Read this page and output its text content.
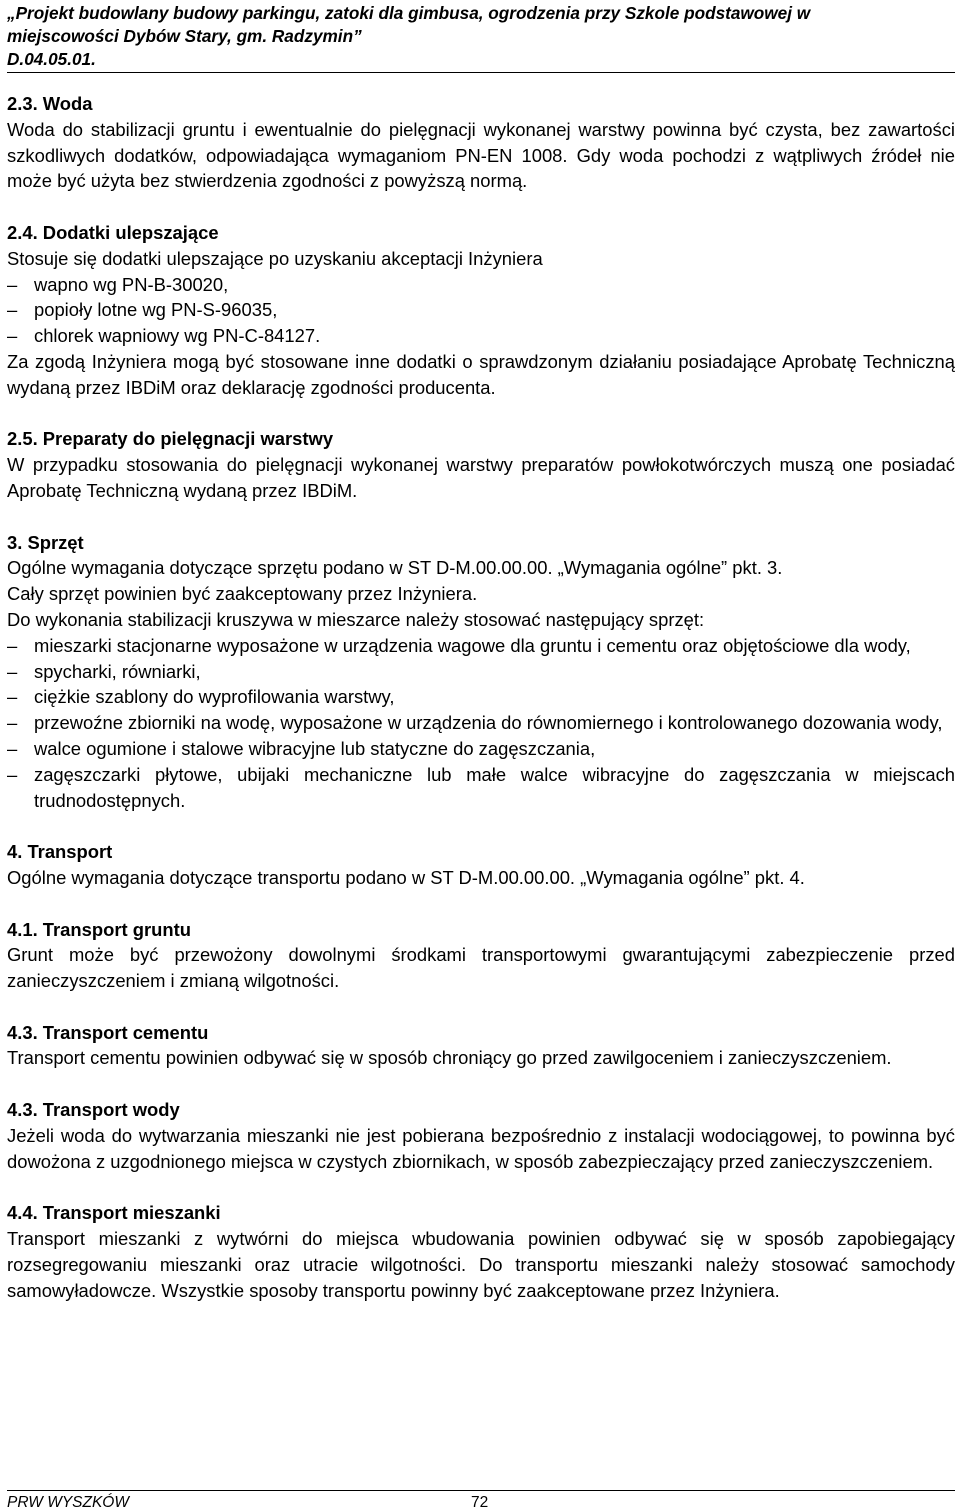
„Projekt budowlany budowy parkingu, zatoki dla gimbusa, ogrodzenia przy Szkole podstawowej w
miejscowości Dybów Stary, gm. Radzymin”
D.04.05.01.

2.3. Woda

Woda do stabilizacji gruntu i ewentualnie do pielęgnacji wykonanej warstwy powinna być czysta, bez zawartości szkodliwych dodatków, odpowiadająca wymaganiom PN-EN 1008. Gdy woda pochodzi z wątpliwych źródeł nie może być użyta bez stwierdzenia zgodności z powyższą normą.

2.4. Dodatki ulepszające

Stosuje się dodatki ulepszające po uzyskaniu akceptacji Inżyniera

– wapno wg PN-B-30020,
– popioły lotne wg PN-S-96035,
– chlorek wapniowy wg PN-C-84127.

Za zgodą Inżyniera mogą być stosowane inne dodatki o sprawdzonym działaniu posiadające Aprobatę Techniczną wydaną przez IBDiM oraz deklarację zgodności producenta.

2.5. Preparaty do pielęgnacji warstwy

W przypadku stosowania do pielęgnacji wykonanej warstwy preparatów powłokotwórczych muszą one posiadać Aprobatę Techniczną wydaną przez IBDiM.

3. Sprzęt

Ogólne wymagania dotyczące sprzętu podano w ST D-M.00.00.00. „Wymagania ogólne” pkt. 3.

Cały sprzęt powinien być zaakceptowany przez Inżyniera.

Do wykonania stabilizacji kruszywa w mieszarce należy stosować następujący sprzęt:

– mieszarki stacjonarne wyposażone w urządzenia wagowe dla gruntu i cementu oraz objętościowe dla wody,
– spycharki, równiarki,
– ciężkie szablony do wyprofilowania warstwy,
– przewoźne zbiorniki na wodę, wyposażone w urządzenia do równomiernego i kontrolowanego dozowania wody,
– walce ogumione i stalowe wibracyjne lub statyczne do zagęszczania,
– zagęszczarki płytowe, ubijaki mechaniczne lub małe walce wibracyjne do zagęszczania w miejscach trudnodostępnych.

4. Transport

Ogólne wymagania dotyczące transportu podano w ST D-M.00.00.00. „Wymagania ogólne” pkt. 4.

4.1. Transport gruntu

Grunt może być przewożony dowolnymi środkami transportowymi gwarantującymi zabezpieczenie przed zanieczyszczeniem i zmianą wilgotności.

4.3. Transport cementu

Transport cementu powinien odbywać się w sposób chroniący go przed zawilgoceniem i zanieczyszczeniem.

4.3. Transport wody

Jeżeli woda do wytwarzania mieszanki nie jest pobierana bezpośrednio z instalacji wodociągowej, to powinna być dowożona z uzgodnionego miejsca w czystych zbiornikach, w sposób zabezpieczający przed zanieczyszczeniem.

4.4. Transport mieszanki

Transport mieszanki z wytwórni do miejsca wbudowania powinien odbywać się w sposób zapobiegający rozsegregowaniu mieszanki oraz utracie wilgotności. Do transportu mieszanki należy stosować samochody samowyładowcze. Wszystkie sposoby transportu powinny być zaakceptowane przez Inżyniera.

PRW WYSZKÓW	72
